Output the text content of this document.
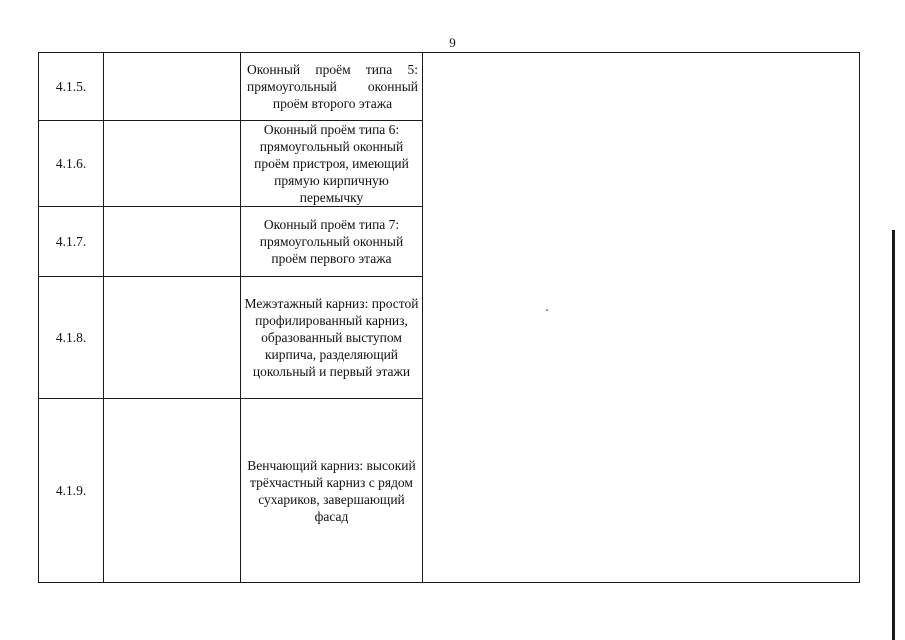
9
4.1.5.		Оконный проём типа 5: прямоугольный оконный проём второго этажа	
4.1.6.		Оконный проём типа 6: прямоугольный оконный проём пристроя, имеющий прямую кирпичную перемычку	
4.1.7.		Оконный проём типа 7: прямоугольный оконный проём первого этажа	
4.1.8.		Межэтажный карниз: простой профилированный карниз, образованный выступом кирпича, разделяющий цокольный и первый этажи	
4.1.9.		Венчающий карниз: высокий трёхчастный карниз с рядом сухариков, завершающий фасад	
